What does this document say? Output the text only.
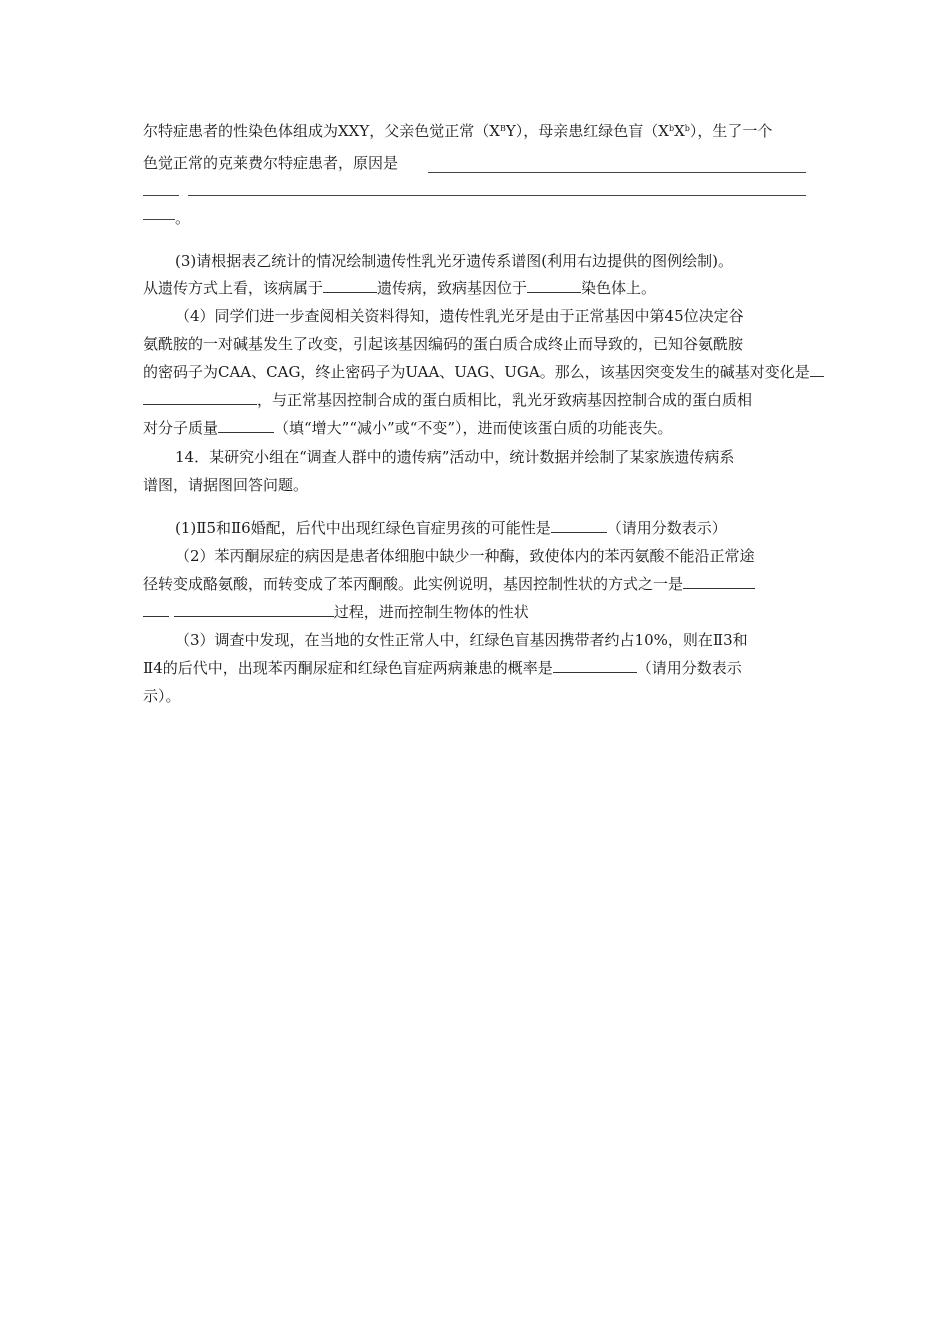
尔特症患者的性染色体组成为XXY，父亲色觉正常$(X^BY)$，母亲患红绿色盲$(X^bX^b)$，生了一个
色觉正常的克莱费尔特症患者，原因是
。
(3)请根据表乙统计的情况绘制遗传性乳光牙遗传系谱图(利用右边提供的图例绘制)。
从遗传方式上看，该病属于	遗传病，致病基因位于	染色体上。
（4）同学们进一步查阅相关资料得知，遗传性乳光牙是由于正常基因中第45位决定谷
氨酰胺的一对碱基发生了改变，引起该基因编码的蛋白质合成终止而导致的，已知谷氨酰胺
的密码子为CAA、CAG，终止密码子为UAA、UAG、UGA。那么，该基因突变发生的碱基对变化是
，与正常基因控制合成的蛋白质相比，乳光牙致病基因控制合成的蛋白质相
对分子质量	（填“增大”“减小”或“不变”），进而使该蛋白质的功能丧失。
14．某研究小组在“调查人群中的遗传病”活动中，统计数据并绘制了某家族遗传病系
谱图，请据图回答问题。
(1)Ⅱ5和Ⅱ6婚配，后代中出现红绿色盲症男孩的可能性是	（请用分数表示）
（2）苯丙酮尿症的病因是患者体细胞中缺少一种酶，致使体内的苯丙氨酸不能沿正常途
径转变成酪氨酸，而转变成了苯丙酮酸。此实例说明，基因控制性状的方式之一是
过程，进而控制生物体的性状
（3）调查中发现，在当地的女性正常人中，红绿色盲基因携带者约占10%，则在Ⅱ3和
Ⅱ4的后代中，出现苯丙酮尿症和红绿色盲症两病兼患的概率是	（请用分数表示
示）。
